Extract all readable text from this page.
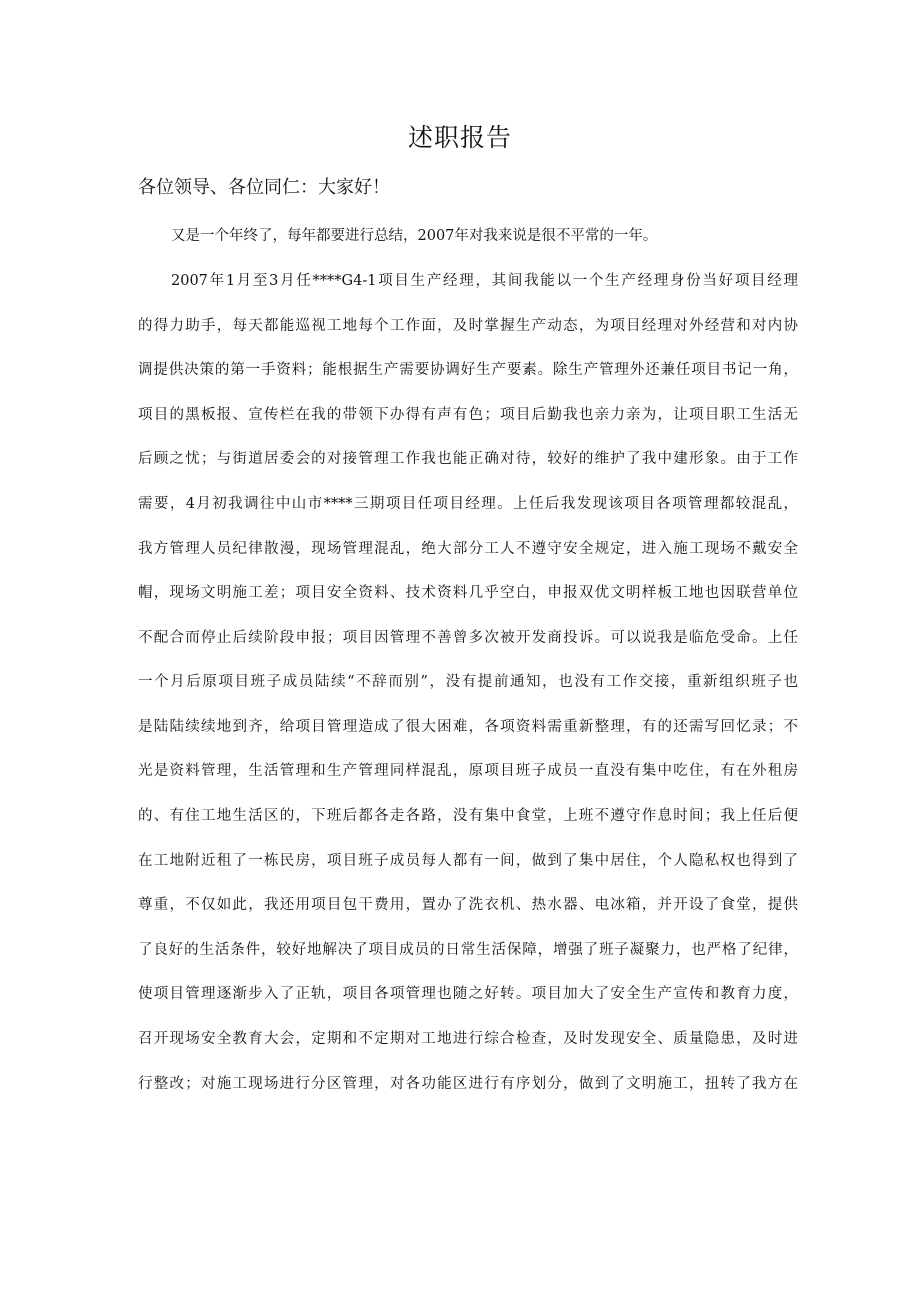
述职报告
各位领导、各位同仁：大家好！
又是一个年终了，每年都要进行总结，2007年对我来说是很不平常的一年。
2007年1月至3月任****G4-1项目生产经理，其间我能以一个生产经理身份当好项目经理
的得力助手，每天都能巡视工地每个工作面，及时掌握生产动态，为项目经理对外经营和对内协
调提供决策的第一手资料；能根据生产需要协调好生产要素。除生产管理外还兼任项目书记一角，
项目的黑板报、宣传栏在我的带领下办得有声有色；项目后勤我也亲力亲为，让项目职工生活无
后顾之忧；与街道居委会的对接管理工作我也能正确对待，较好的维护了我中建形象。由于工作
需要，4月初我调往中山市****三期项目任项目经理。上任后我发现该项目各项管理都较混乱，
我方管理人员纪律散漫，现场管理混乱，绝大部分工人不遵守安全规定，进入施工现场不戴安全
帽，现场文明施工差；项目安全资料、技术资料几乎空白，申报双优文明样板工地也因联营单位
不配合而停止后续阶段申报；项目因管理不善曾多次被开发商投诉。可以说我是临危受命。上任
一个月后原项目班子成员陆续“不辞而别”，没有提前通知，也没有工作交接，重新组织班子也
是陆陆续续地到齐，给项目管理造成了很大困难，各项资料需重新整理，有的还需写回忆录；不
光是资料管理，生活管理和生产管理同样混乱，原项目班子成员一直没有集中吃住，有在外租房
的、有住工地生活区的，下班后都各走各路，没有集中食堂，上班不遵守作息时间；我上任后便
在工地附近租了一栋民房，项目班子成员每人都有一间，做到了集中居住，个人隐私权也得到了
尊重，不仅如此，我还用项目包干费用，置办了洗衣机、热水器、电冰箱，并开设了食堂，提供
了良好的生活条件，较好地解决了项目成员的日常生活保障，增强了班子凝聚力，也严格了纪律，
使项目管理逐渐步入了正轨，项目各项管理也随之好转。项目加大了安全生产宣传和教育力度，
召开现场安全教育大会，定期和不定期对工地进行综合检查，及时发现安全、质量隐患，及时进
行整改；对施工现场进行分区管理，对各功能区进行有序划分，做到了文明施工，扭转了我方在
